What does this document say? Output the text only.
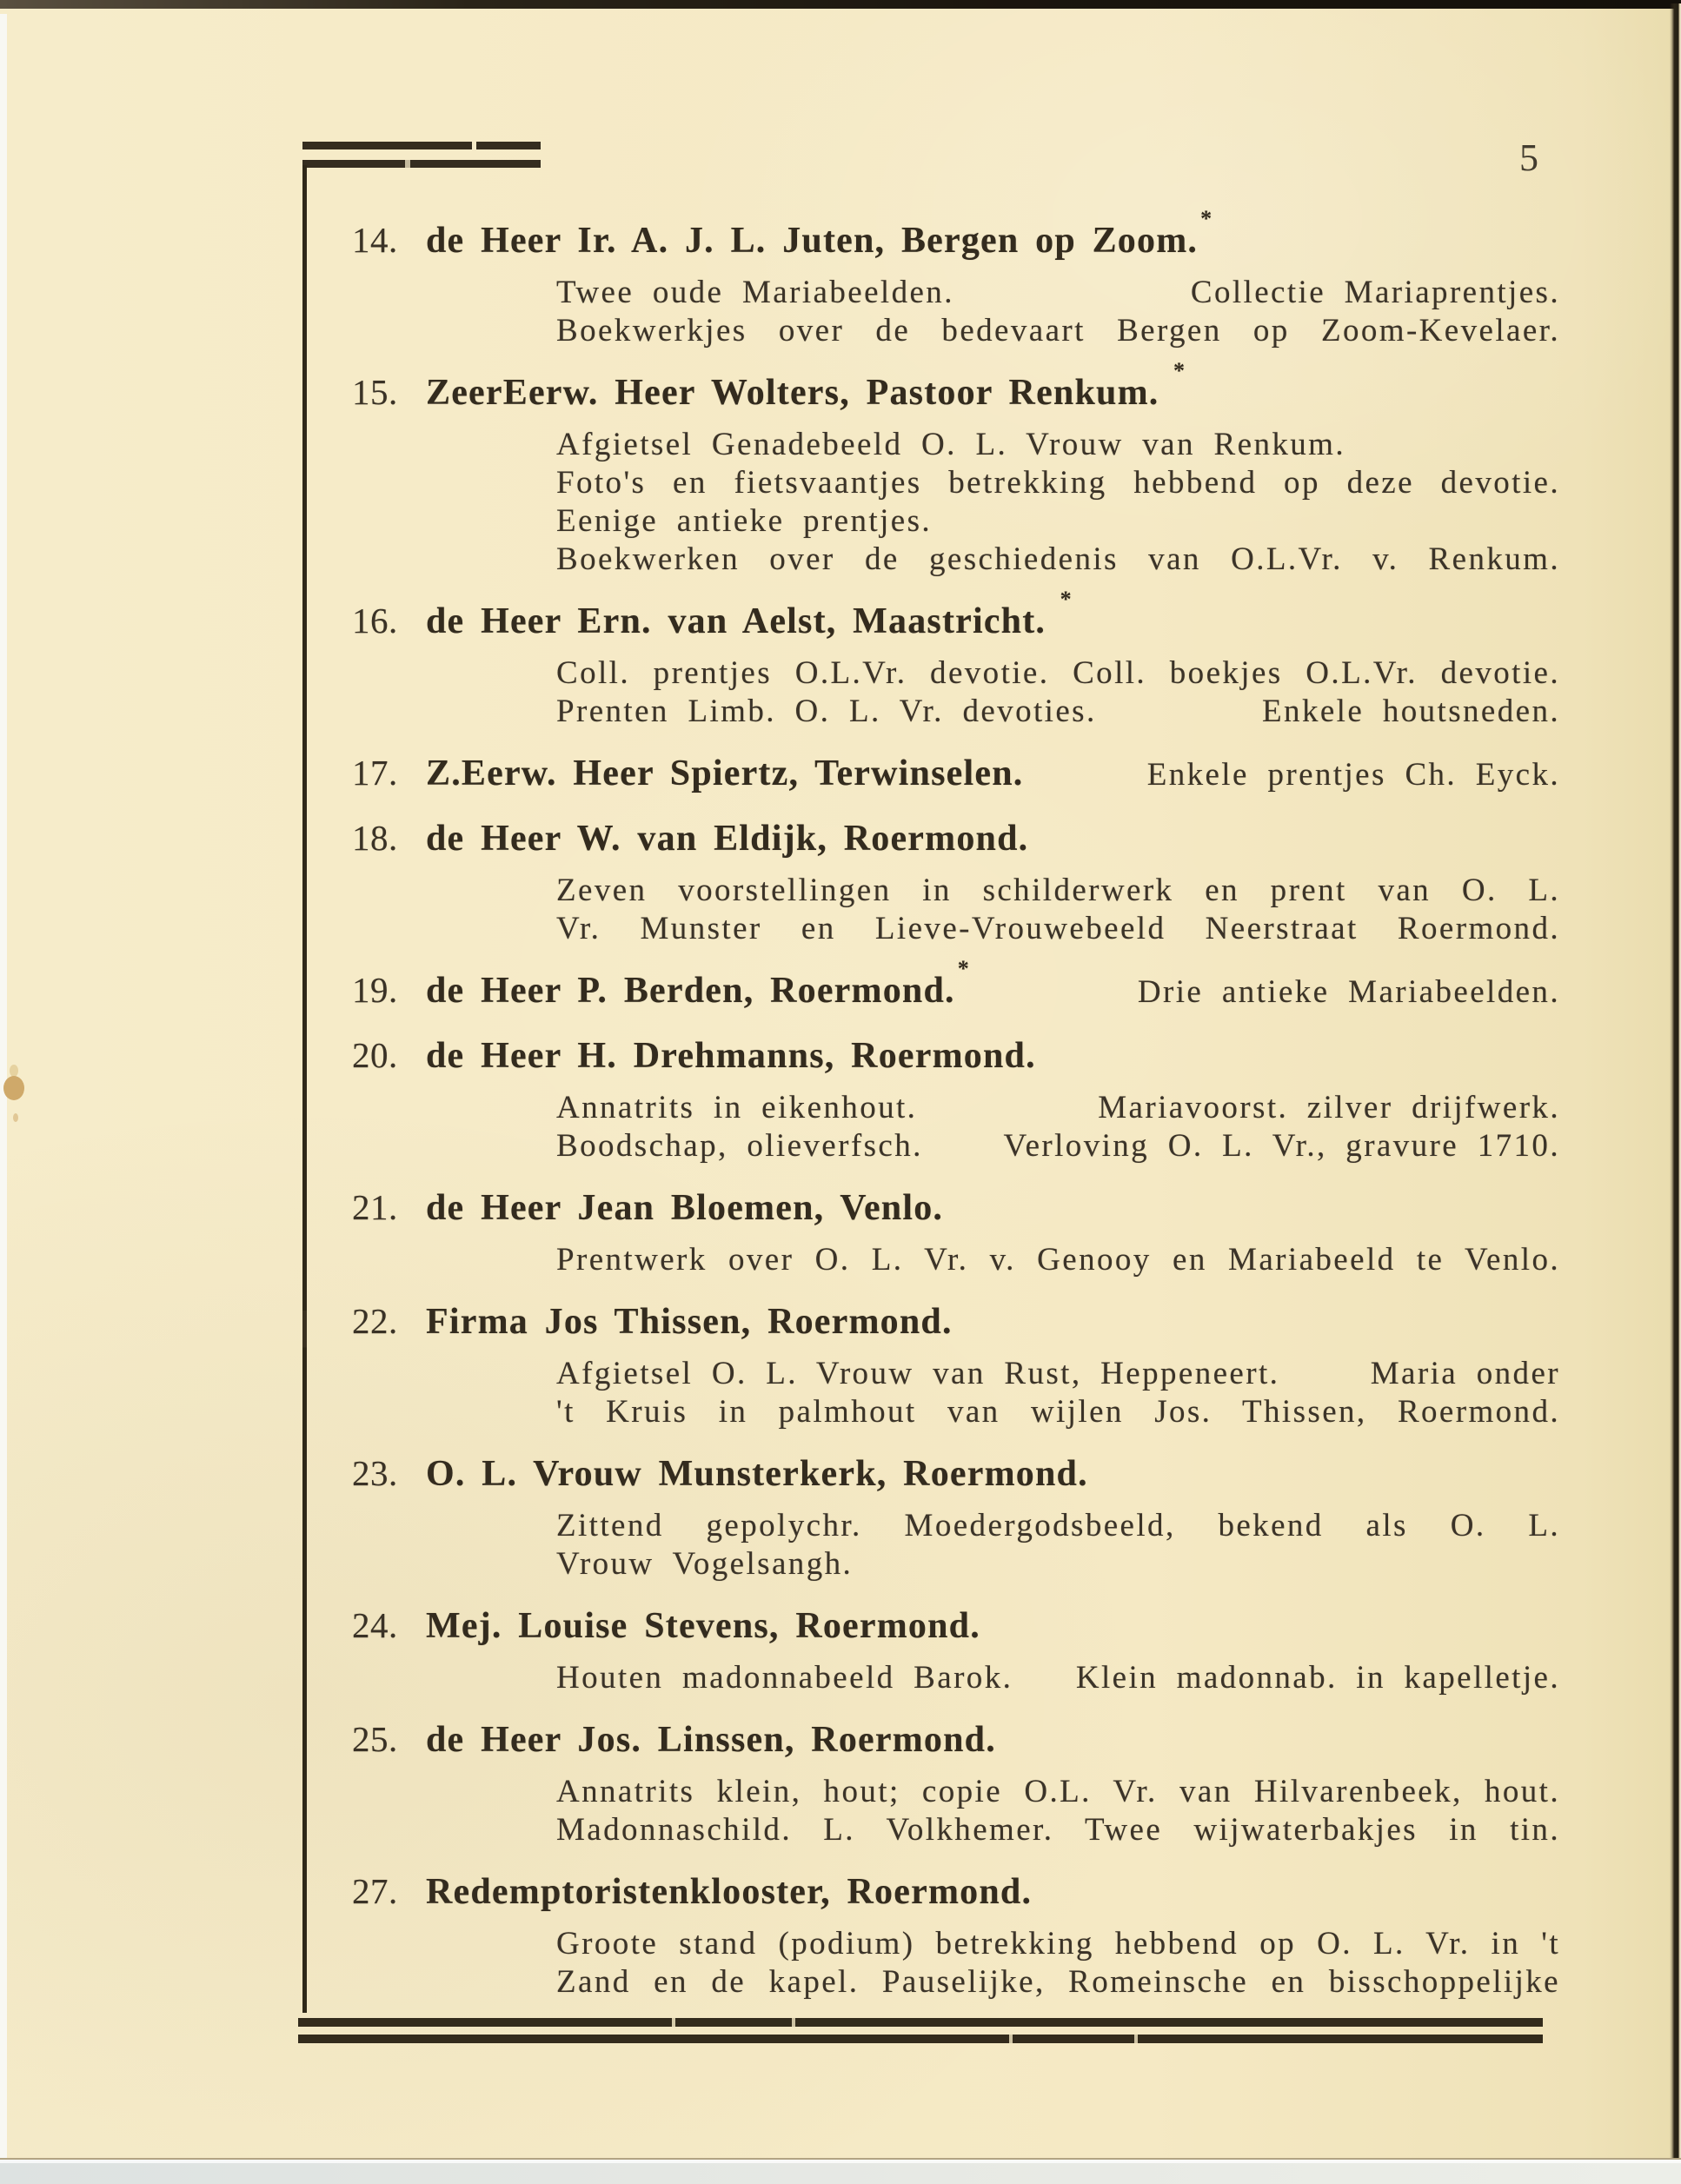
5
14. de Heer Ir. A. J. L. Juten, Bergen op Zoom.*
Twee oude Mariabeelden.	Collectie Mariaprentjes.
Boekwerkjes over de bedevaart Bergen op Zoom-Kevelaer.
15. ZeerEerw. Heer Wolters, Pastoor Renkum. *
Afgietsel Genadebeeld O. L. Vrouw van Renkum.
Foto's en fietsvaantjes betrekking hebbend op deze devotie.
Eenige antieke prentjes.
Boekwerken over de geschiedenis van O.L.Vr. v. Renkum.
16. de Heer Ern. van Aelst, Maastricht. *
Coll. prentjes O.L.Vr. devotie. Coll. boekjes O.L.Vr. devotie.
Prenten Limb. O. L. Vr. devoties.	Enkele houtsneden.
17. Z.Eerw. Heer Spiertz, Terwinselen.	Enkele prentjes Ch. Eyck.
18. de Heer W. van Eldijk, Roermond.
Zeven voorstellingen in schilderwerk en prent van O. L.
Vr. Munster en Lieve-Vrouwebeeld Neerstraat Roermond.
19. de Heer P. Berden, Roermond.*
Drie antieke Mariabeelden.
20. de Heer H. Drehmanns, Roermond.
Annatrits in eikenhout.	Mariavoorst. zilver drijfwerk.
Boodschap, olieverfsch.	Verloving O. L. Vr., gravure 1710.
21. de Heer Jean Bloemen, Venlo.
Prentwerk over O. L. Vr. v. Genooy en Mariabeeld te Venlo.
22. Firma Jos Thissen, Roermond.
Afgietsel O. L. Vrouw van Rust, Heppeneert.	Maria onder
't Kruis in palmhout van wijlen Jos. Thissen, Roermond.
23. O. L. Vrouw Munsterkerk, Roermond.
Zittend gepolychr. Moedergodsbeeld, bekend als O. L.
Vrouw Vogelsangh.
24. Mej. Louise Stevens, Roermond.
Houten madonnabeeld Barok. Klein madonnab. in kapelletje.
25. de Heer Jos. Linssen, Roermond.
Annatrits klein, hout; copie O.L. Vr. van Hilvarenbeek, hout.
Madonnaschild. L. Volkhemer. Twee wijwaterbakjes in tin.
27. Redemptoristenklooster, Roermond.
Groote stand (podium) betrekking hebbend op O. L. Vr. in 't
Zand en de kapel. Pauselijke, Romeinsche en bisschoppelijke
